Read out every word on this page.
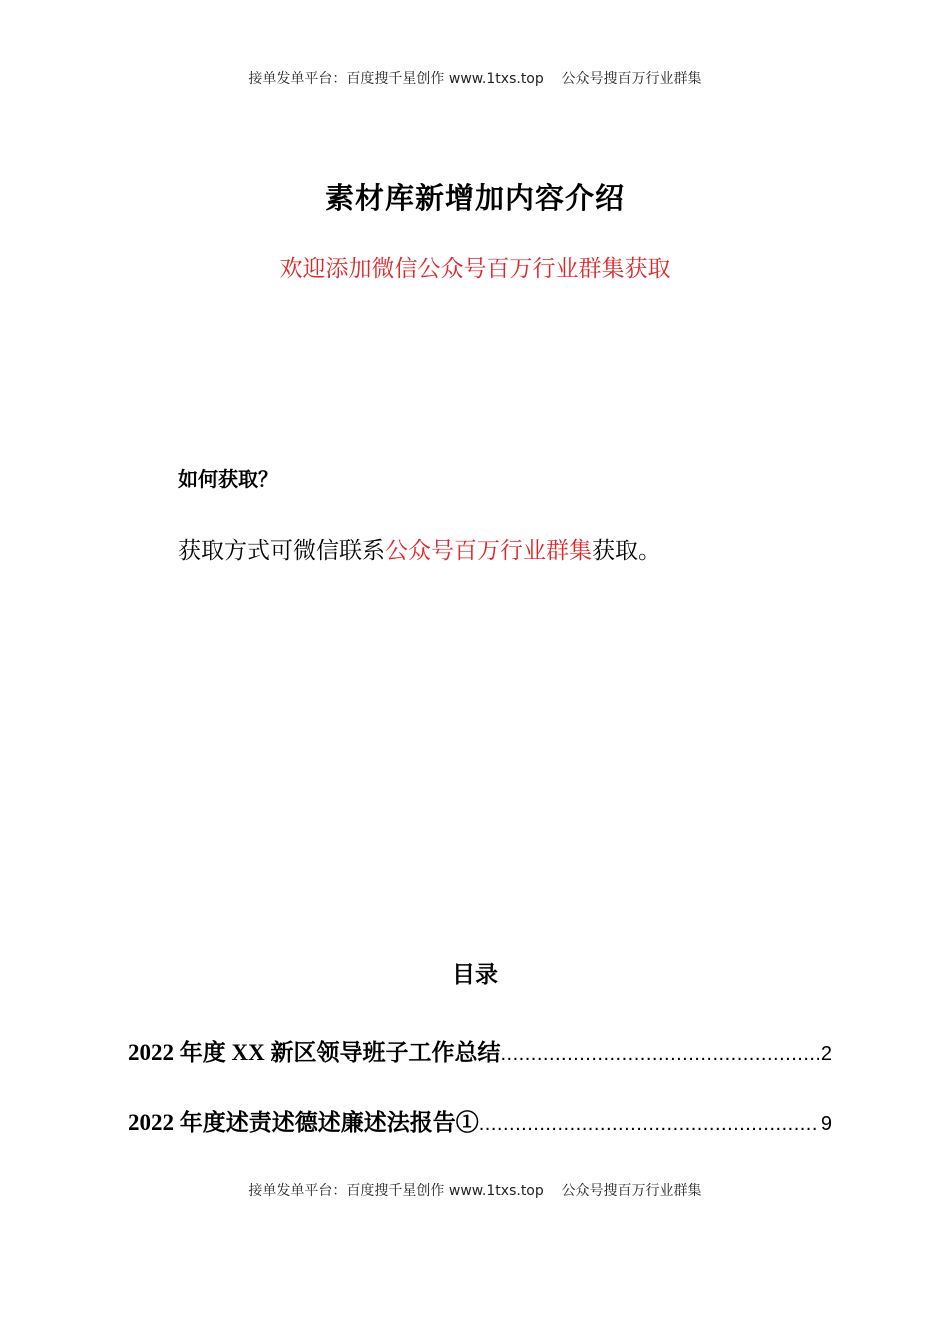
接单发单平台：百度搜千星创作 www.1txs.top    公众号搜百万行业群集
素材库新增加内容介绍
欢迎添加微信公众号百万行业群集获取
如何获取？
获取方式可微信联系公众号百万行业群集获取。
目录
2022 年度 XX 新区领导班子工作总结 .....	2
2022 年度述责述德述廉述法报告① .....	9
接单发单平台：百度搜千星创作 www.1txs.top    公众号搜百万行业群集
